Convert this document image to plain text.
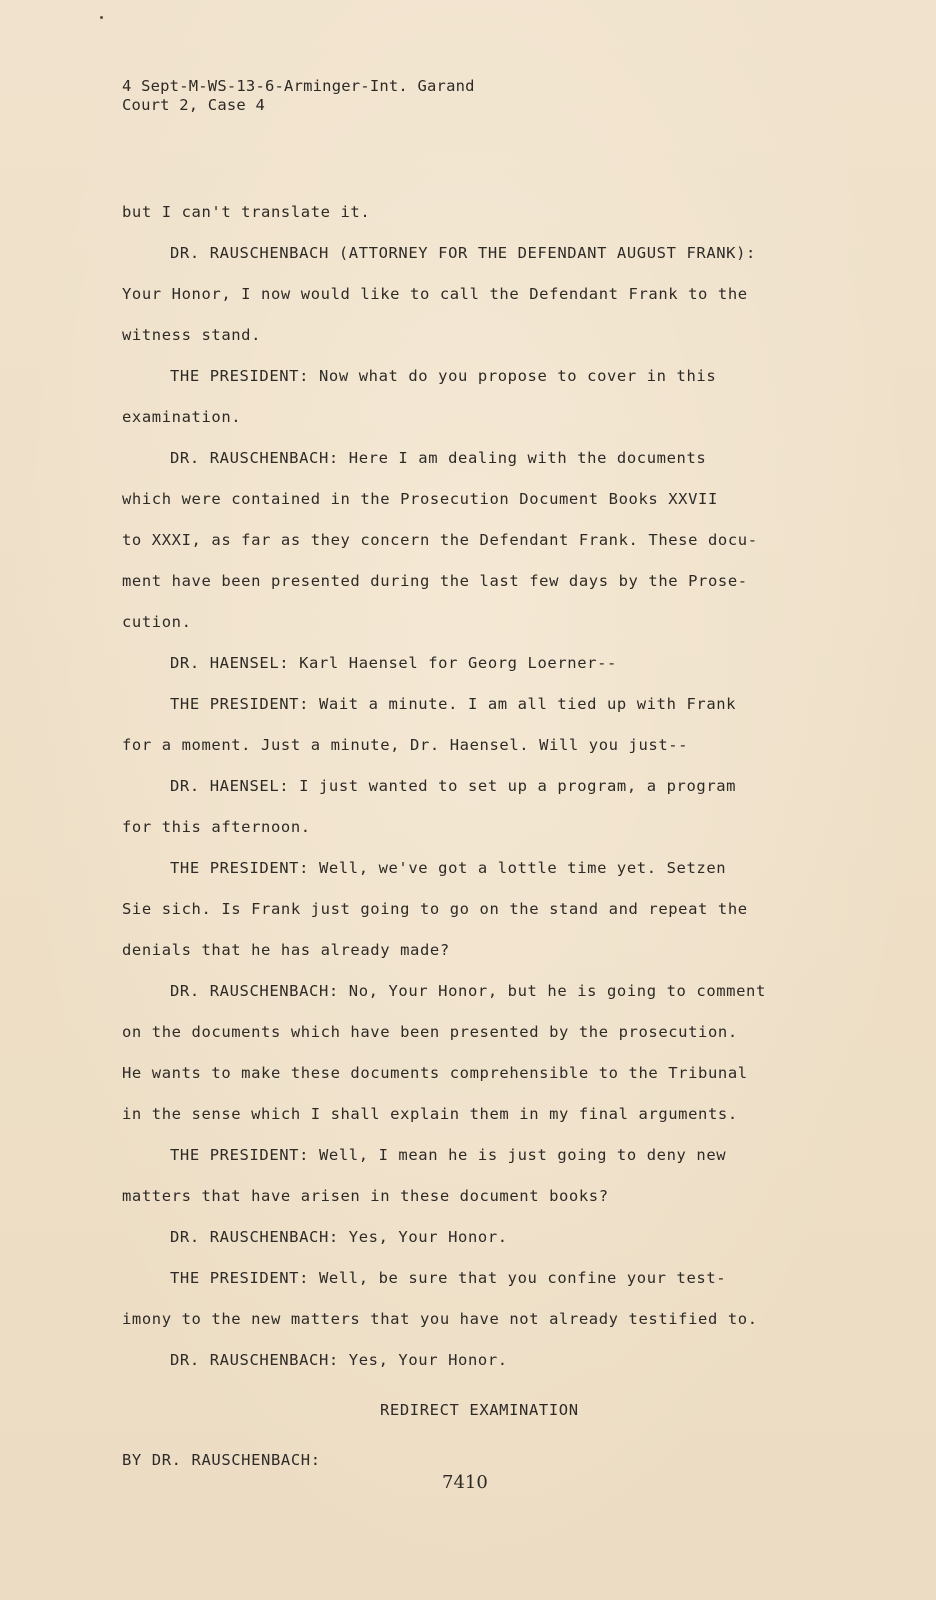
4 Sept-M-WS-13-6-Arminger-Int. Garand
Court 2, Case 4
but I can't translate it.
DR. RAUSCHENBACH (ATTORNEY FOR THE DEFENDANT AUGUST FRANK):
Your Honor, I now would like to call the Defendant Frank to the
witness stand.
THE PRESIDENT: Now what do you propose to cover in this
examination.
DR. RAUSCHENBACH: Here I am dealing with the documents
which were contained in the Prosecution Document Books XXVII
to XXXI, as far as they concern the Defendant Frank. These docu-
ment have been presented during the last few days by the Prose-
cution.
DR. HAENSEL: Karl Haensel for Georg Loerner--
THE PRESIDENT: Wait a minute. I am all tied up with Frank
for a moment. Just a minute, Dr. Haensel. Will you just--
DR. HAENSEL: I just wanted to set up a program, a program
for this afternoon.
THE PRESIDENT: Well, we've got a lottle time yet. Setzen
Sie sich. Is Frank just going to go on the stand and repeat the
denials that he has already made?
DR. RAUSCHENBACH: No, Your Honor, but he is going to comment
on the documents which have been presented by the prosecution.
He wants to make these documents comprehensible to the Tribunal
in the sense which I shall explain them in my final arguments.
THE PRESIDENT: Well, I mean he is just going to deny new
matters that have arisen in these document books?
DR. RAUSCHENBACH: Yes, Your Honor.
THE PRESIDENT: Well, be sure that you confine your test-
imony to the new matters that you have not already testified to.
DR. RAUSCHENBACH: Yes, Your Honor.
REDIRECT EXAMINATION
BY DR. RAUSCHENBACH:
7410
